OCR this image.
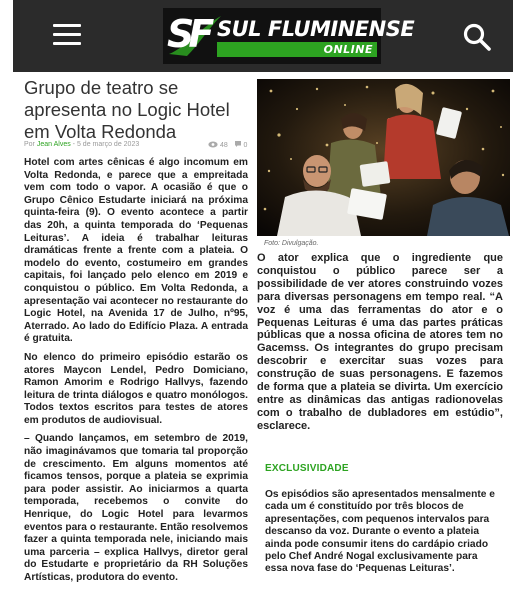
SF SUL FLUMINENSE
ONLINE
Grupo de teatro se apresenta no Logic Hotel em Volta Redonda
Por Jean Alves - 5 de março de 2023	48 0

Hotel com artes cênicas é algo incomum em Volta Redonda, e parece que a empreitada vem com todo o vapor. A ocasião é que o Grupo Cênico Estudarte iniciará na próxima quinta-feira (9). O evento acontece a partir das 20h, a quinta temporada do ‘Pequenas Leituras’. A ideia é trabalhar leituras dramáticas frente a frente com a plateia. O modelo do evento, costumeiro em grandes capitais, foi lançado pelo elenco em 2019 e conquistou o público. Em Volta Redonda, a apresentação vai acontecer no restaurante do Logic Hotel, na Avenida 17 de Julho, nº95, Aterrado. Ao lado do Edifício Plaza. A entrada é gratuita.

No elenco do primeiro episódio estarão os atores Maycon Lendel, Pedro Domiciano, Ramon Amorim e Rodrigo Hallvys, fazendo leitura de trinta diálogos e quatro monólogos. Todos textos escritos para testes de atores em produtos de audiovisual.

– Quando lançamos, em setembro de 2019, não imaginávamos que tomaria tal proporção de crescimento. Em alguns momentos até ficamos tensos, porque a plateia se exprimia para poder assistir. Ao iniciarmos a quarta temporada, recebemos o convite do Henrique, do Logic Hotel para levarmos eventos para o restaurante. Então resolvemos fazer a quinta temporada nele, iniciando mais uma parceria – explica Hallvys, diretor geral do Estudarte e proprietário da RH Soluções Artísticas, produtora do evento.

Foto: Divulgação.

O ator explica que o ingrediente que conquistou o público parece ser a possibilidade de ver atores construindo vozes para diversas personagens em tempo real. “A voz é uma das ferramentas do ator e o Pequenas Leituras é uma das partes práticas públicas que a nossa oficina de atores tem no Gacemss. Os integrantes do grupo precisam descobrir e exercitar suas vozes para construção de suas personagens. E fazemos de forma que a plateia se divirta. Um exercício entre as dinâmicas das antigas radionovelas com o trabalho de dubladores em estúdio”, esclarece.

EXCLUSIVIDADE

Os episódios são apresentados mensalmente e cada um é constituído por três blocos de apresentações, com pequenos intervalos para descanso da voz. Durante o evento a plateia ainda pode consumir itens do cardápio criado pelo Chef André Nogal exclusivamente para essa nova fase do ‘Pequenas Leituras’.
